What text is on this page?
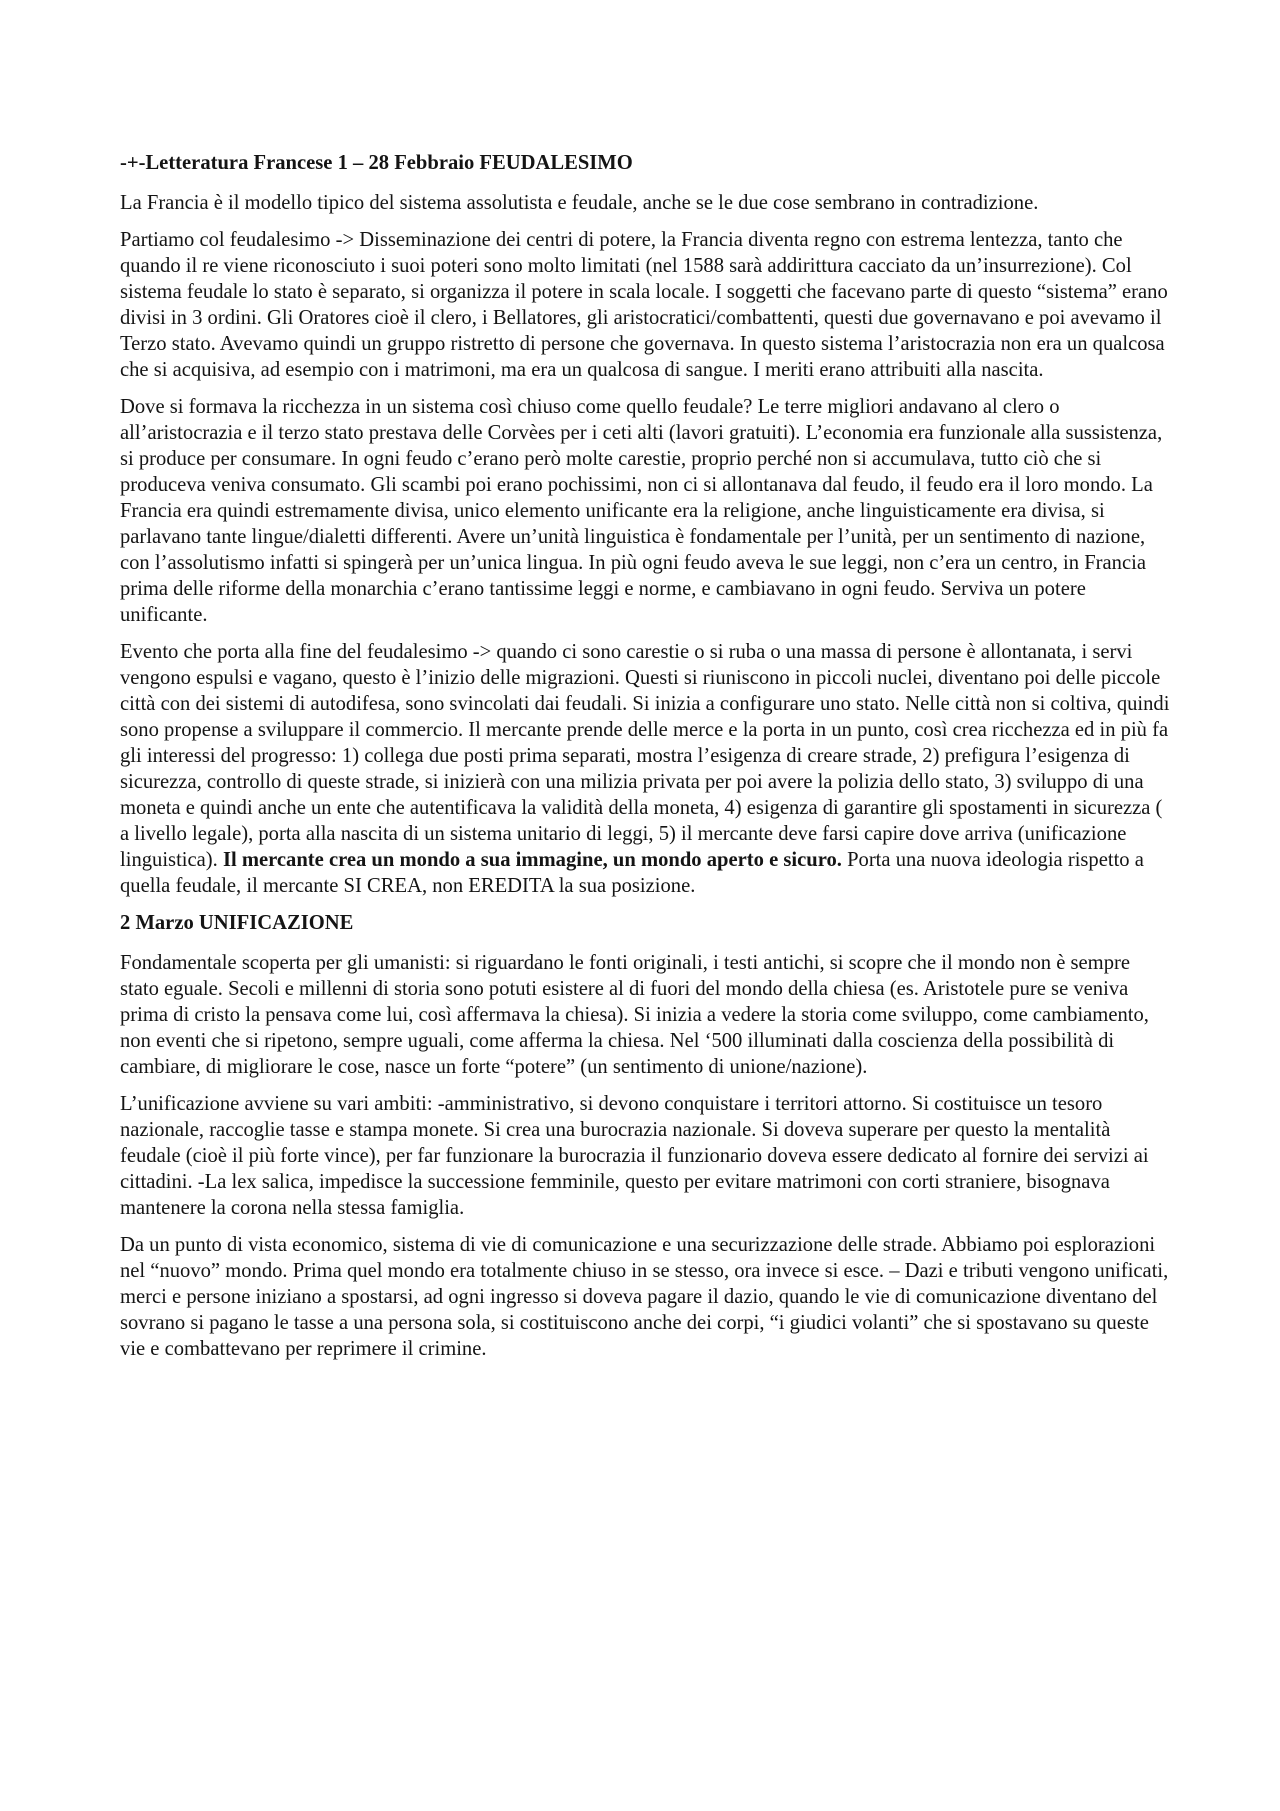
-+-Letteratura Francese 1 – 28 Febbraio FEUDALESIMO

La Francia è il modello tipico del sistema assolutista e feudale, anche se le due cose sembrano in contradizione.

Partiamo col feudalesimo -> Disseminazione dei centri di potere, la Francia diventa regno con estrema lentezza, tanto che quando il re viene riconosciuto i suoi poteri sono molto limitati (nel 1588 sarà addirittura cacciato da un’insurrezione). Col sistema feudale lo stato è separato, si organizza il potere in scala locale. I soggetti che facevano parte di questo “sistema” erano divisi in 3 ordini. Gli Oratores cioè il clero, i Bellatores, gli aristocratici/combattenti, questi due governavano e poi avevamo il Terzo stato. Avevamo quindi un gruppo ristretto di persone che governava. In questo sistema l’aristocrazia non era un qualcosa che si acquisiva, ad esempio con i matrimoni, ma era un qualcosa di sangue. I meriti erano attribuiti alla nascita.

Dove si formava la ricchezza in un sistema così chiuso come quello feudale? Le terre migliori andavano al clero o all’aristocrazia e il terzo stato prestava delle Corvèes per i ceti alti (lavori gratuiti). L’economia era funzionale alla sussistenza, si produce per consumare. In ogni feudo c’erano però molte carestie, proprio perché non si accumulava, tutto ciò che si produceva veniva consumato. Gli scambi poi erano pochissimi, non ci si allontanava dal feudo, il feudo era il loro mondo. La Francia era quindi estremamente divisa, unico elemento unificante era la religione, anche linguisticamente era divisa, si parlavano tante lingue/dialetti differenti. Avere un’unità linguistica è fondamentale per l’unità, per un sentimento di nazione, con l’assolutismo infatti si spingerà per un’unica lingua. In più ogni feudo aveva le sue leggi, non c’era un centro, in Francia prima delle riforme della monarchia c’erano tantissime leggi e norme, e cambiavano in ogni feudo. Serviva un potere unificante.

Evento che porta alla fine del feudalesimo -> quando ci sono carestie o si ruba o una massa di persone è allontanata, i servi vengono espulsi e vagano, questo è l’inizio delle migrazioni. Questi si riuniscono in piccoli nuclei, diventano poi delle piccole città con dei sistemi di autodifesa, sono svincolati dai feudali. Si inizia a configurare uno stato. Nelle città non si coltiva, quindi sono propense a sviluppare il commercio. Il mercante prende delle merce e la porta in un punto, così crea ricchezza ed in più fa gli interessi del progresso: 1) collega due posti prima separati, mostra l’esigenza di creare strade, 2) prefigura l’esigenza di sicurezza, controllo di queste strade, si inizierà con una milizia privata per poi avere la polizia dello stato, 3) sviluppo di una moneta e quindi anche un ente che autentificava la validità della moneta, 4) esigenza di garantire gli spostamenti in sicurezza ( a livello legale), porta alla nascita di un sistema unitario di leggi, 5) il mercante deve farsi capire dove arriva (unificazione linguistica). Il mercante crea un mondo a sua immagine, un mondo aperto e sicuro. Porta una nuova ideologia rispetto a quella feudale, il mercante SI CREA, non EREDITA la sua posizione.

2 Marzo UNIFICAZIONE

Fondamentale scoperta per gli umanisti: si riguardano le fonti originali, i testi antichi, si scopre che il mondo non è sempre stato eguale. Secoli e millenni di storia sono potuti esistere al di fuori del mondo della chiesa (es. Aristotele pure se veniva prima di cristo la pensava come lui, così affermava la chiesa). Si inizia a vedere la storia come sviluppo, come cambiamento, non eventi che si ripetono, sempre uguali, come afferma la chiesa. Nel ‘500 illuminati dalla coscienza della possibilità di cambiare, di migliorare le cose, nasce un forte “potere” (un sentimento di unione/nazione).

L’unificazione avviene su vari ambiti: -amministrativo, si devono conquistare i territori attorno. Si costituisce un tesoro nazionale, raccoglie tasse e stampa monete. Si crea una burocrazia nazionale. Si doveva superare per questo la mentalità feudale (cioè il più forte vince), per far funzionare la burocrazia il funzionario doveva essere dedicato al fornire dei servizi ai cittadini. -La lex salica, impedisce la successione femminile, questo per evitare matrimoni con corti straniere, bisognava mantenere la corona nella stessa famiglia.

Da un punto di vista economico, sistema di vie di comunicazione e una securizzazione delle strade. Abbiamo poi esplorazioni nel “nuovo” mondo. Prima quel mondo era totalmente chiuso in se stesso, ora invece si esce. – Dazi e tributi vengono unificati, merci e persone iniziano a spostarsi, ad ogni ingresso si doveva pagare il dazio, quando le vie di comunicazione diventano del sovrano si pagano le tasse a una persona sola, si costituiscono anche dei corpi, “i giudici volanti” che si spostavano su queste vie e combattevano per reprimere il crimine.
